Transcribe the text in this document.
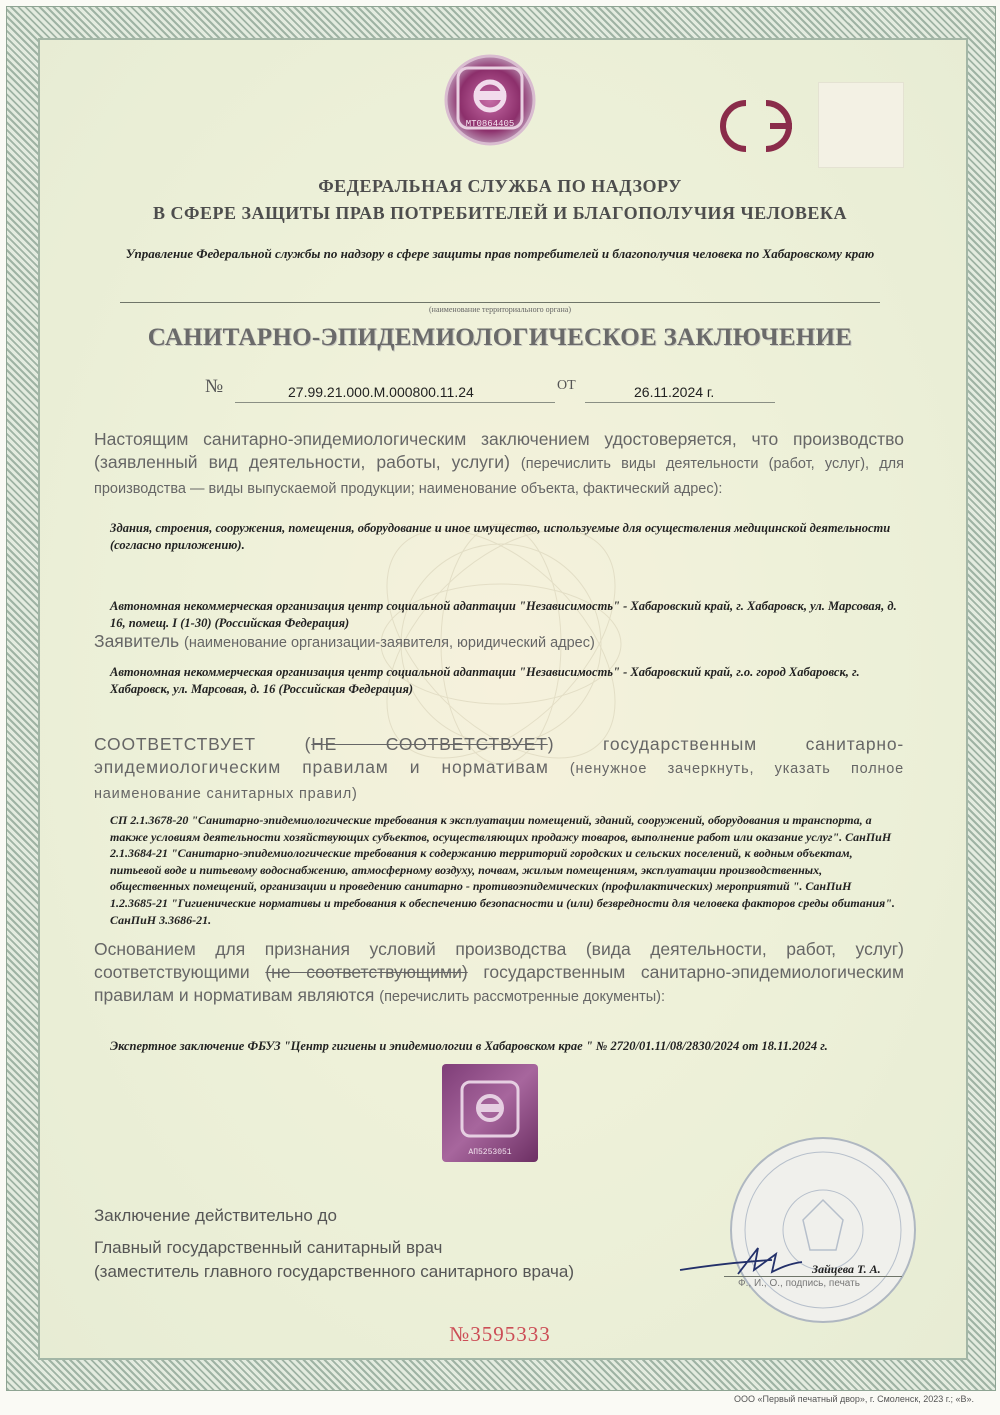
МТ0864405
ФЕДЕРАЛЬНАЯ СЛУЖБА ПО НАДЗОРУ
В СФЕРЕ ЗАЩИТЫ ПРАВ ПОТРЕБИТЕЛЕЙ И БЛАГОПОЛУЧИЯ ЧЕЛОВЕКА
Управление Федеральной службы по надзору в сфере защиты прав потребителей и благополучия человека по Хабаровскому краю
(наименование территориального органа)
САНИТАРНО-ЭПИДЕМИОЛОГИЧЕСКОЕ ЗАКЛЮЧЕНИЕ
№	27.99.21.000.М.000800.11.24	ОТ	26.11.2024 г.
Настоящим санитарно-эпидемиологическим заключением удостоверяется, что производство (заявленный вид деятельности, работы, услуги) (перечислить виды деятельности (работ, услуг), для производства — виды выпускаемой продукции; наименование объекта, фактический адрес):
Здания, строения, сооружения, помещения, оборудование и иное имущество, используемые для осуществления медицинской деятельности (согласно приложению).
Автономная некоммерческая организация центр социальной адаптации "Независимость" - Хабаровский край, г. Хабаровск, ул. Марсовая, д. 16, помещ. I (1-30) (Российская Федерация)
Заявитель (наименование организации-заявителя, юридический адрес)
Автономная некоммерческая организация центр социальной адаптации "Независимость" - Хабаровский край, г.о. город Хабаровск, г. Хабаровск, ул. Марсовая, д. 16 (Российская Федерация)
СООТВЕТСТВУЕТ	(НЕ СООТВЕТСТВУЕТ)	государственным санитарно-эпидемиологическим правилам и нормативам (ненужное зачеркнуть, указать полное наименование санитарных правил)
СП 2.1.3678-20 "Санитарно-эпидемиологические требования к эксплуатации помещений, зданий, сооружений, оборудования и транспорта, а также условиям деятельности хозяйствующих субъектов, осуществляющих продажу товаров, выполнение работ или оказание услуг". СанПиН 2.1.3684-21 "Санитарно-эпидемиологические требования к содержанию территорий городских и сельских поселений, к водным объектам, питьевой воде и питьевому водоснабжению, атмосферному воздуху, почвам, жилым помещениям, эксплуатации производственных, общественных помещений, организации и проведению санитарно - противоэпидемических (профилактических) мероприятий ". СанПиН 1.2.3685-21 "Гигиенические нормативы и требования к обеспечению безопасности и (или) безвредности для человека факторов среды обитания". СанПиН 3.3686-21.
Основанием для признания условий производства (вида деятельности, работ, услуг) соответствующими (не соответствующими) государственным санитарно-эпидемиологическим правилам и нормативам являются (перечислить рассмотренные документы):
Экспертное заключение ФБУЗ "Центр гигиены и эпидемиологии в Хабаровском крае " № 2720/01.11/08/2830/2024 от 18.11.2024 г.
АП5253051
Заключение действительно до
Главный государственный санитарный врач
(заместитель главного государственного санитарного врача)	Зайцева Т. А.
Ф., И., О., подпись, печать
№3595333
ООО «Первый печатный двор», г. Смоленск, 2023 г.; «В».
